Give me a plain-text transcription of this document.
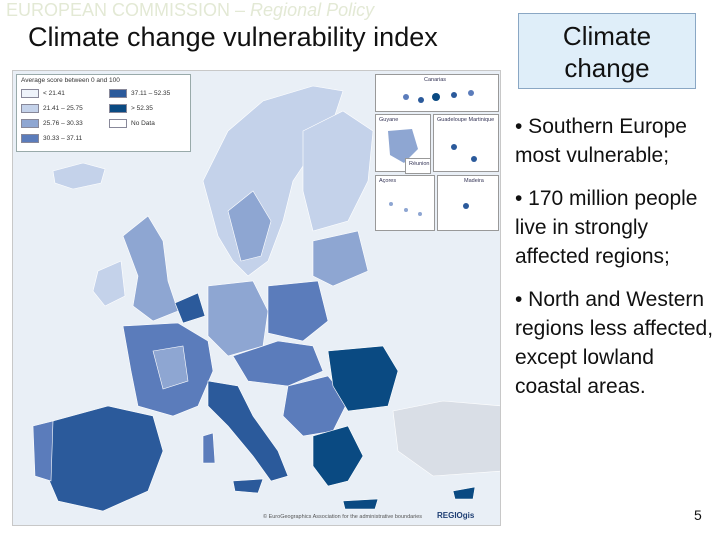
EUROPEAN COMMISSION – Regional Policy
Climate change vulnerability index	Climate
change
Average score between 0 and 100
< 21.41
21.41 – 25.75
25.76 – 30.33
30.33 – 37.11
37.11 – 52.35
> 52.35
No Data
Canarias
Guyane	Guadeloupe Martinique
Réunion
Açores	Madeira
© EuroGeographics Association for the administrative boundaries REGIOgis

• Southern Europe most vulnerable;

• 170 million people live in strongly affected regions;

• North and Western regions less affected, except lowland coastal areas.

5
